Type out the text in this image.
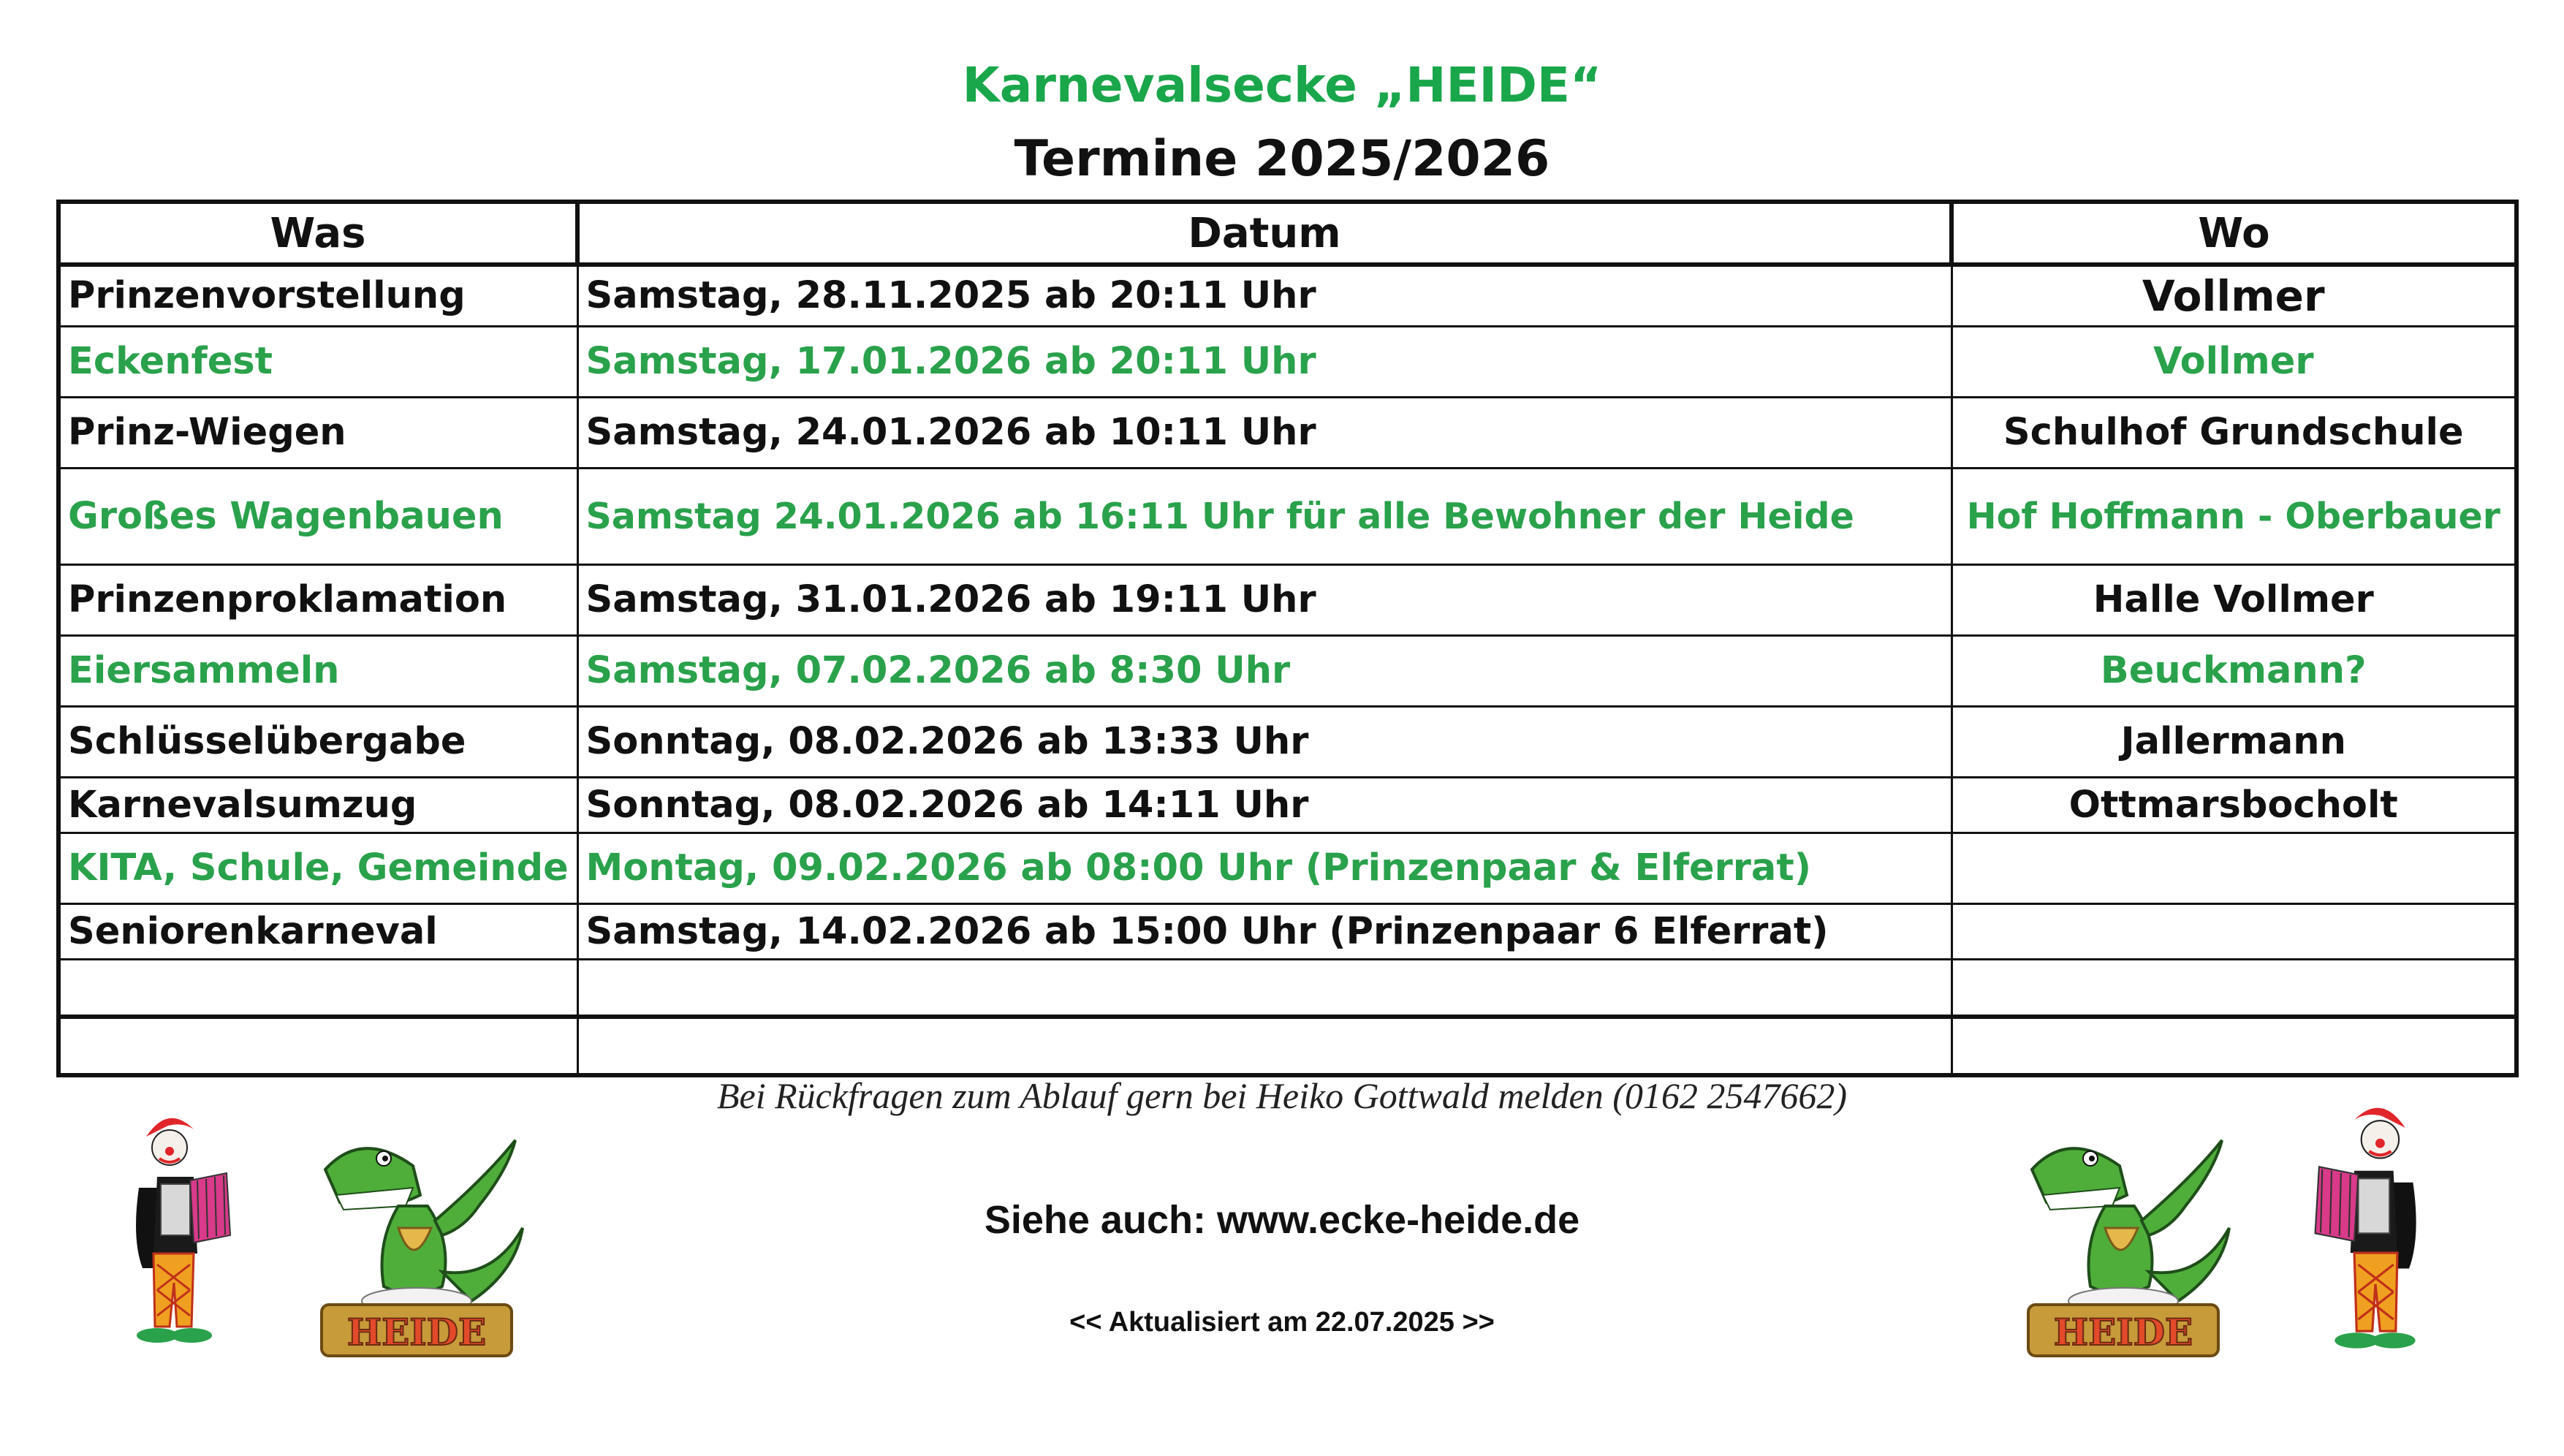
Karnevalsecke „HEIDE“
Termine 2025/2026
Was	Datum	Wo
Prinzenvorstellung	Samstag, 28.11.2025 ab 20:11 Uhr	Vollmer
Eckenfest	Samstag, 17.01.2026 ab 20:11 Uhr	Vollmer
Prinz-Wiegen	Samstag, 24.01.2026 ab 10:11 Uhr	Schulhof Grundschule
Großes Wagenbauen	Samstag 24.01.2026 ab 16:11 Uhr für alle Bewohner der Heide	Hof Hoffmann - Oberbauer
Prinzenproklamation	Samstag, 31.01.2026 ab 19:11 Uhr	Halle Vollmer
Eiersammeln	Samstag, 07.02.2026 ab 8:30 Uhr	Beuckmann?
Schlüsselübergabe	Sonntag, 08.02.2026 ab 13:33 Uhr	Jallermann
Karnevalsumzug	Sonntag, 08.02.2026 ab 14:11 Uhr	Ottmarsbocholt
KITA, Schule, Gemeinde	Montag, 09.02.2026 ab 08:00 Uhr (Prinzenpaar & Elferrat)	
Seniorenkarneval	Samstag, 14.02.2026 ab 15:00 Uhr (Prinzenpaar 6 Elferrat)	

Bei Rückfragen zum Ablauf gern bei Heiko Gottwald melden (0162 2547662)
Siehe auch: www.ecke-heide.de
<< Aktualisiert am 22.07.2025 >>
HEIDE	HEIDE
